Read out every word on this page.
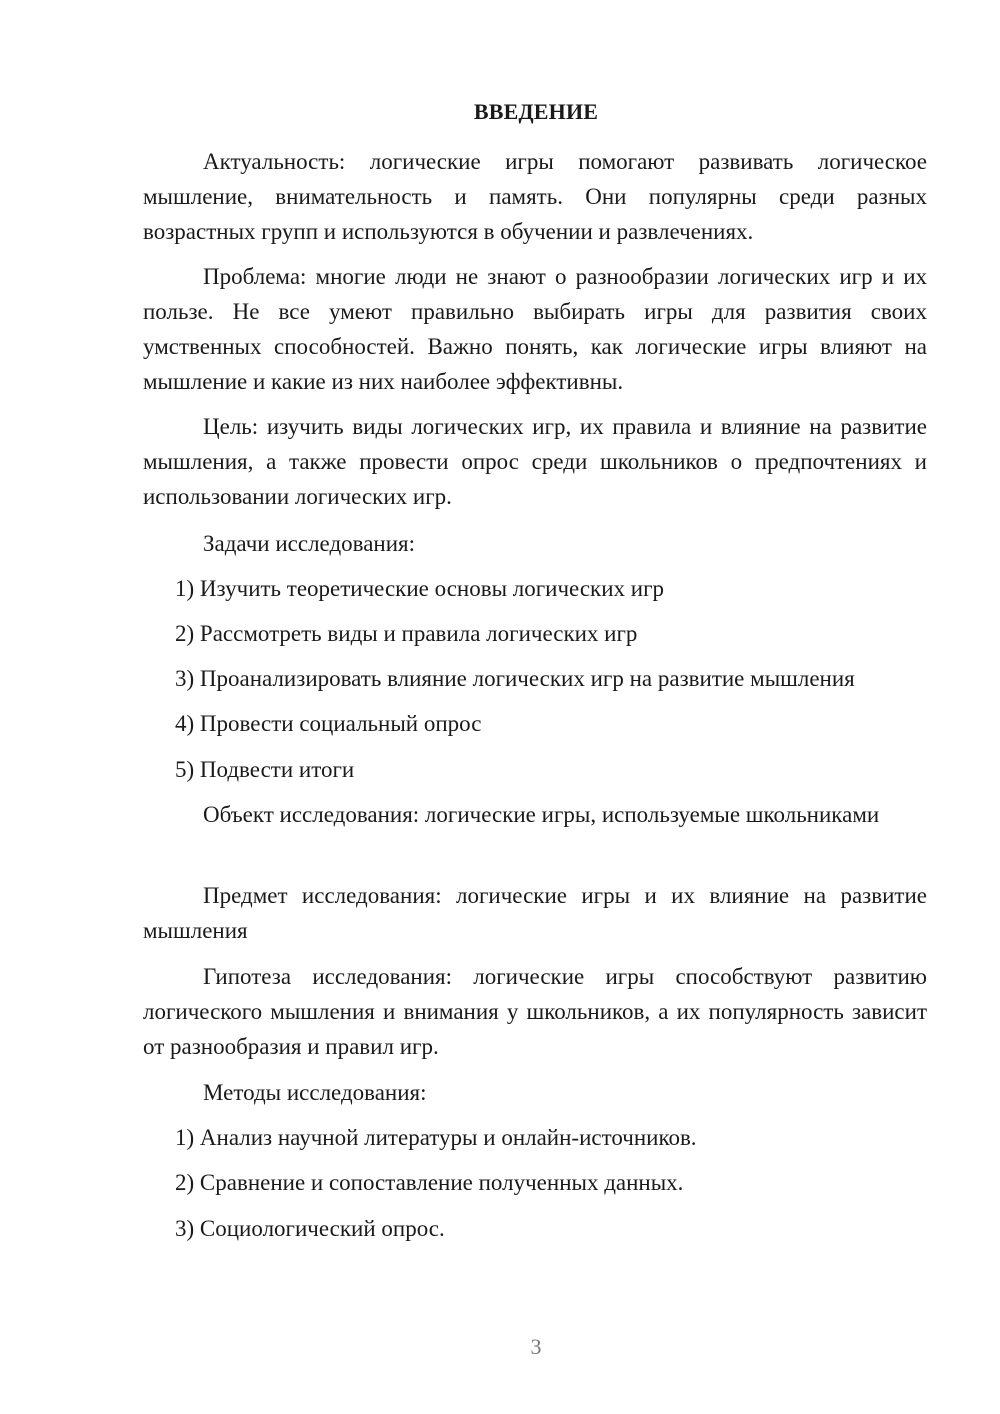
ВВЕДЕНИЕ

Актуальность: логические игры помогают развивать логическое мышление, внимательность и память. Они популярны среди разных возрастных групп и используются в обучении и развлечениях.

Проблема: многие люди не знают о разнообразии логических игр и их пользе. Не все умеют правильно выбирать игры для развития своих умственных способностей. Важно понять, как логические игры влияют на мышление и какие из них наиболее эффективны.

Цель: изучить виды логических игр, их правила и влияние на развитие мышления, а также провести опрос среди школьников о предпочтениях и использовании логических игр.

Задачи исследования:

1) Изучить теоретические основы логических игр

2) Рассмотреть виды и правила логических игр

3) Проанализировать влияние логических игр на развитие мышления

4) Провести социальный опрос

5) Подвести итоги

Объект исследования: логические игры, используемые школьниками

Предмет исследования: логические игры и их влияние на развитие мышления

Гипотеза исследования: логические игры способствуют развитию логического мышления и внимания у школьников, а их популярность зависит от разнообразия и правил игр.

Методы исследования:

1) Анализ научной литературы и онлайн-источников.

2) Сравнение и сопоставление полученных данных.

3) Социологический опрос.

3
